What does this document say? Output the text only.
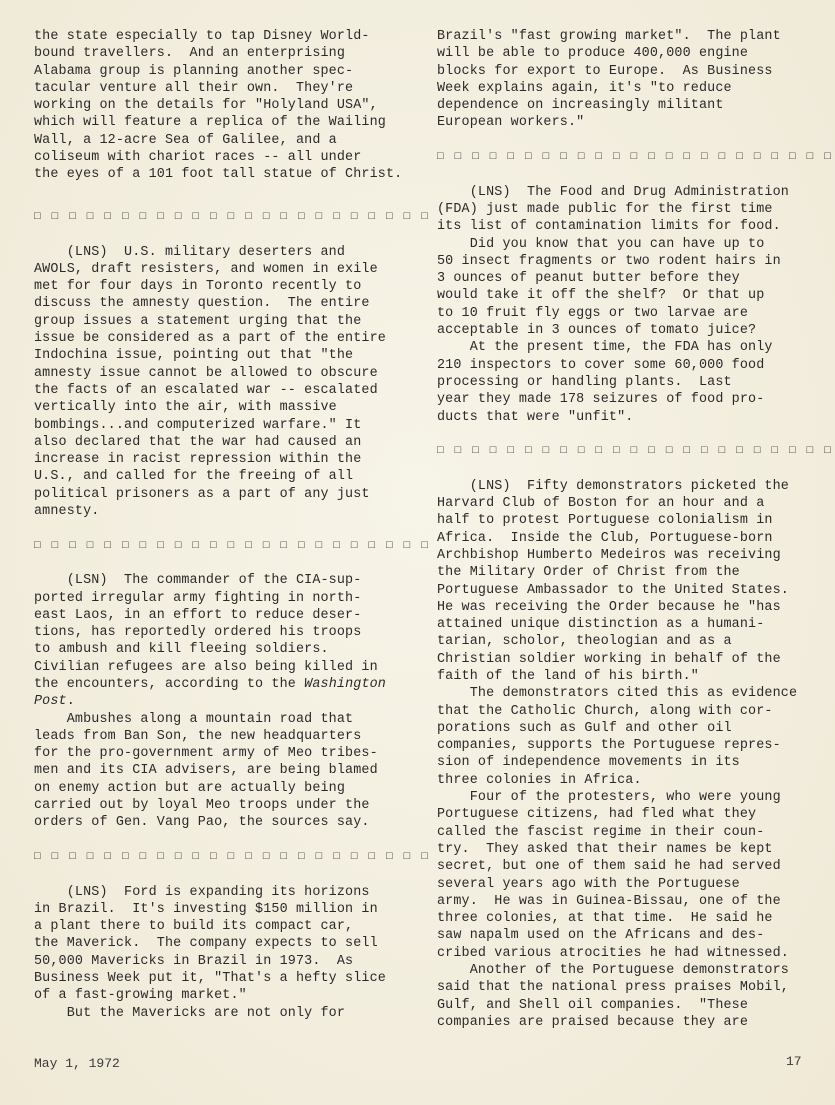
the state especially to tap Disney World-
bound travellers.  And an enterprising
Alabama group is planning another spec-
tacular venture all their own.  They're
working on the details for "Holyland USA",
which will feature a replica of the Wailing
Wall, a 12-acre Sea of Galilee, and a
coliseum with chariot races -- all under
the eyes of a 101 foot tall statue of Christ.
□ □ □ □ □ □ □ □ □ □ □ □ □ □ □ □ □ □ □ □ □ □ □
(LNS)  U.S. military deserters and
AWOLS, draft resisters, and women in exile
met for four days in Toronto recently to
discuss the amnesty question.  The entire
group issues a statement urging that the
issue be considered as a part of the entire
Indochina issue, pointing out that "the
amnesty issue cannot be allowed to obscure
the facts of an escalated war -- escalated
vertically into the air, with massive
bombings...and computerized warfare." It
also declared that the war had caused an
increase in racist repression within the
U.S., and called for the freeing of all
political prisoners as a part of any just
amnesty.
□ □ □ □ □ □ □ □ □ □ □ □ □ □ □ □ □ □ □ □ □ □ □
(LSN)  The commander of the CIA-sup-
ported irregular army fighting in north-
east Laos, in an effort to reduce deser-
tions, has reportedly ordered his troops
to ambush and kill fleeing soldiers.
Civilian refugees are also being killed in
the encounters, according to the Washington
Post.
Ambushes along a mountain road that
leads from Ban Son, the new headquarters
for the pro-government army of Meo tribes-
men and its CIA advisers, are being blamed
on enemy action but are actually being
carried out by loyal Meo troops under the
orders of Gen. Vang Pao, the sources say.
□ □ □ □ □ □ □ □ □ □ □ □ □ □ □ □ □ □ □ □ □ □ □
(LNS)  Ford is expanding its horizons
in Brazil.  It's investing $150 million in
a plant there to build its compact car,
the Maverick.  The company expects to sell
50,000 Mavericks in Brazil in 1973.  As
Business Week put it, "That's a hefty slice
of a fast-growing market."
But the Mavericks are not only for
Brazil's "fast growing market".  The plant
will be able to produce 400,000 engine
blocks for export to Europe.  As Business
Week explains again, it's "to reduce
dependence on increasingly militant
European workers."
□ □ □ □ □ □ □ □ □ □ □ □ □ □ □ □ □ □ □ □ □ □ □
(LNS)  The Food and Drug Administration
(FDA) just made public for the first time
its list of contamination limits for food.
Did you know that you can have up to
50 insect fragments or two rodent hairs in
3 ounces of peanut butter before they
would take it off the shelf?  Or that up
to 10 fruit fly eggs or two larvae are
acceptable in 3 ounces of tomato juice?
At the present time, the FDA has only
210 inspectors to cover some 60,000 food
processing or handling plants.  Last
year they made 178 seizures of food pro-
ducts that were "unfit".
□ □ □ □ □ □ □ □ □ □ □ □ □ □ □ □ □ □ □ □ □ □ □
(LNS)  Fifty demonstrators picketed the
Harvard Club of Boston for an hour and a
half to protest Portuguese colonialism in
Africa.  Inside the Club, Portuguese-born
Archbishop Humberto Medeiros was receiving
the Military Order of Christ from the
Portuguese Ambassador to the United States.
He was receiving the Order because he "has
attained unique distinction as a humani-
tarian, scholor, theologian and as a
Christian soldier working in behalf of the
faith of the land of his birth."
The demonstrators cited this as evidence
that the Catholic Church, along with cor-
porations such as Gulf and other oil
companies, supports the Portuguese repres-
sion of independence movements in its
three colonies in Africa.
Four of the protesters, who were young
Portuguese citizens, had fled what they
called the fascist regime in their coun-
try.  They asked that their names be kept
secret, but one of them said he had served
several years ago with the Portuguese
army.  He was in Guinea-Bissau, one of the
three colonies, at that time.  He said he
saw napalm used on the Africans and des-
cribed various atrocities he had witnessed.
Another of the Portuguese demonstrators
said that the national press praises Mobil,
Gulf, and Shell oil companies.  "These
companies are praised because they are
May 1, 1972	17
